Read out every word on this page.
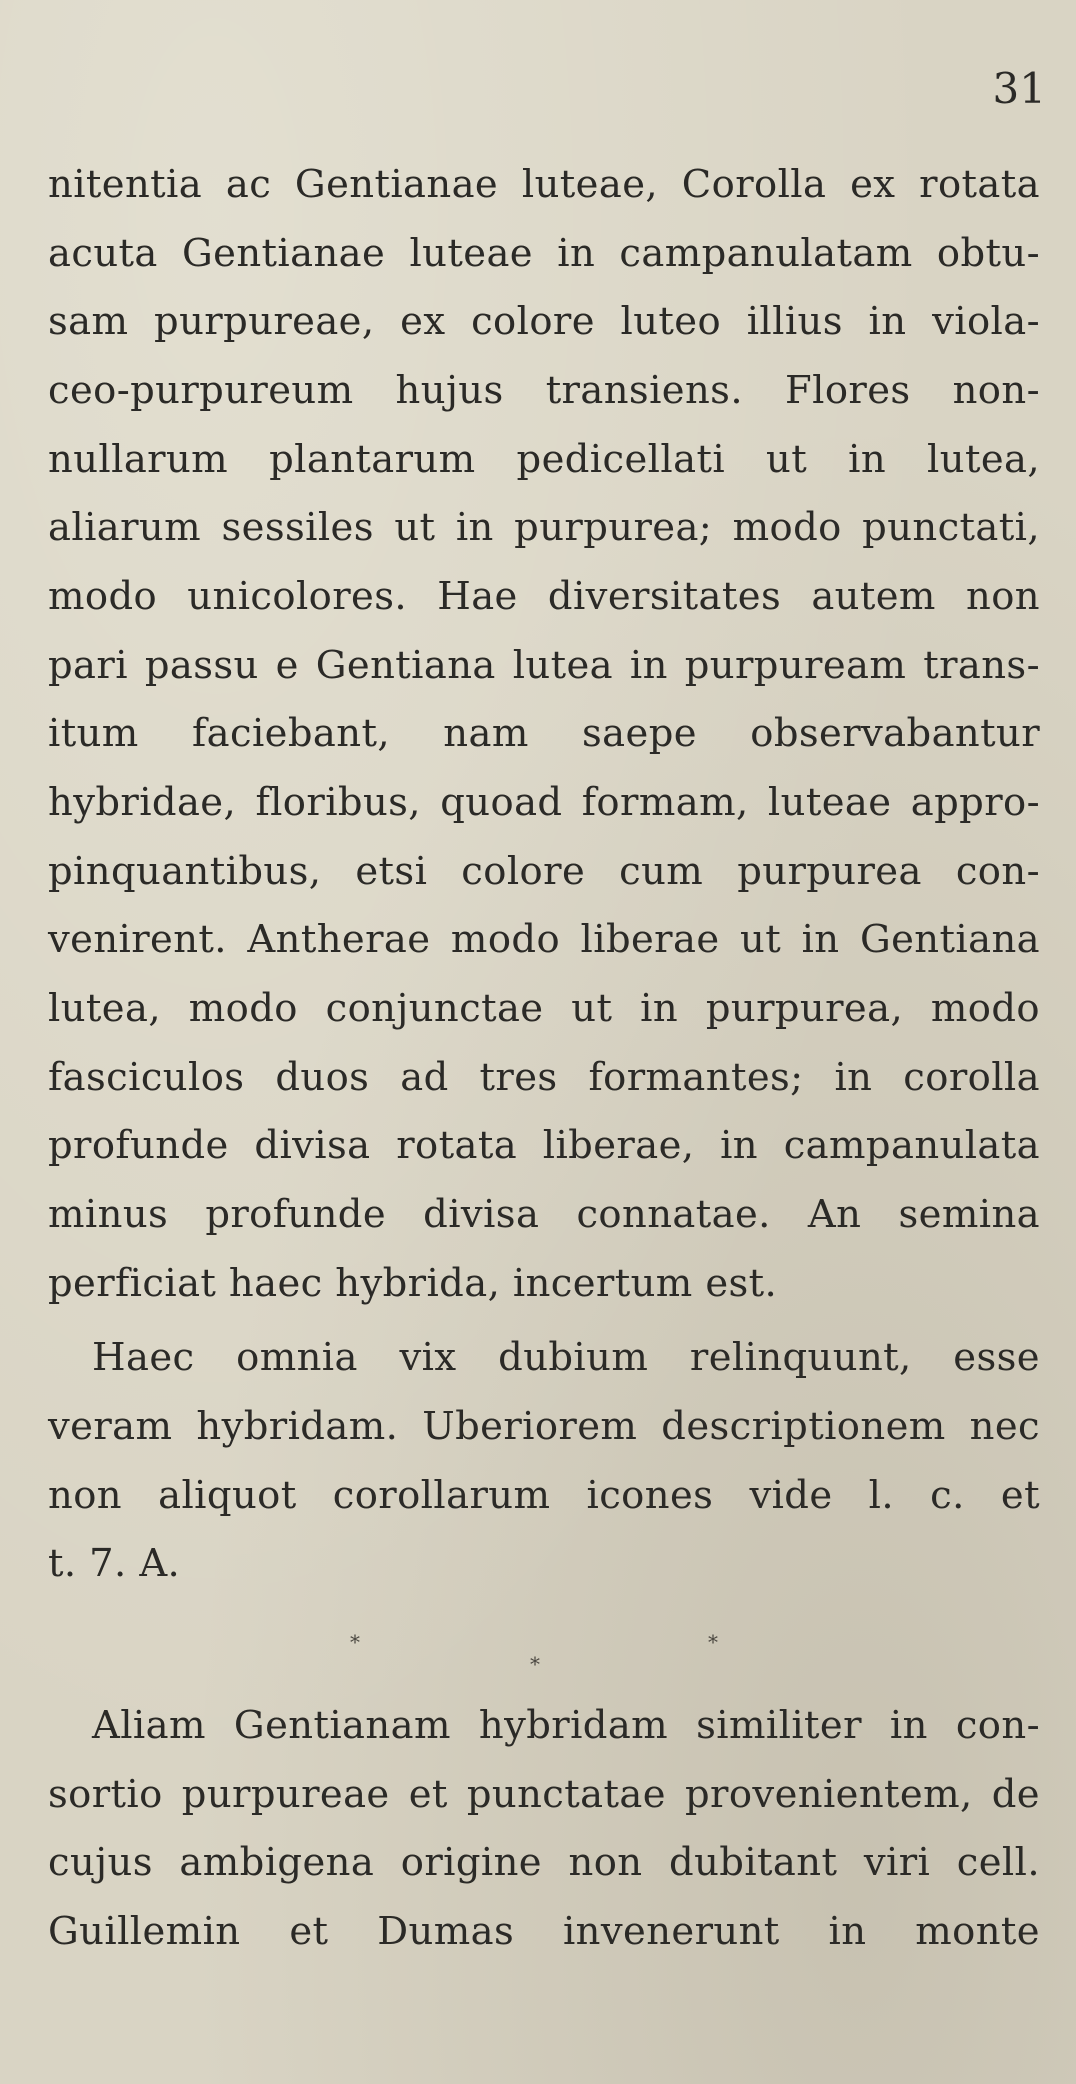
31
nitentia ac Gentianae luteae, Corolla ex rotata
acuta Gentianae luteae in campanulatam obtu-
sam purpureae, ex colore luteo illius in viola-
ceo-purpureum hujus transiens. Flores non-
nullarum plantarum pedicellati ut in lutea,
aliarum sessiles ut in purpurea; modo punctati,
modo unicolores. Hae diversitates autem non
pari passu e Gentiana lutea in purpuream trans-
itum faciebant, nam saepe observabantur
hybridae, floribus, quoad formam, luteae appro-
pinquantibus, etsi colore cum purpurea con-
venirent. Antherae modo liberae ut in Gentiana
lutea, modo conjunctae ut in purpurea, modo
fasciculos duos ad tres formantes; in corolla
profunde divisa rotata liberae, in campanulata
minus profunde divisa connatae. An semina
perficiat haec hybrida, incertum est.
Haec omnia vix dubium relinquunt, esse
veram hybridam. Uberiorem descriptionem nec
non aliquot corollarum icones vide l. c. et
t. 7. A.
*	*
*
Aliam Gentianam hybridam similiter in con-
sortio purpureae et punctatae provenientem, de
cujus ambigena origine non dubitant viri cell.
Guillemin et Dumas invenerunt in monte
